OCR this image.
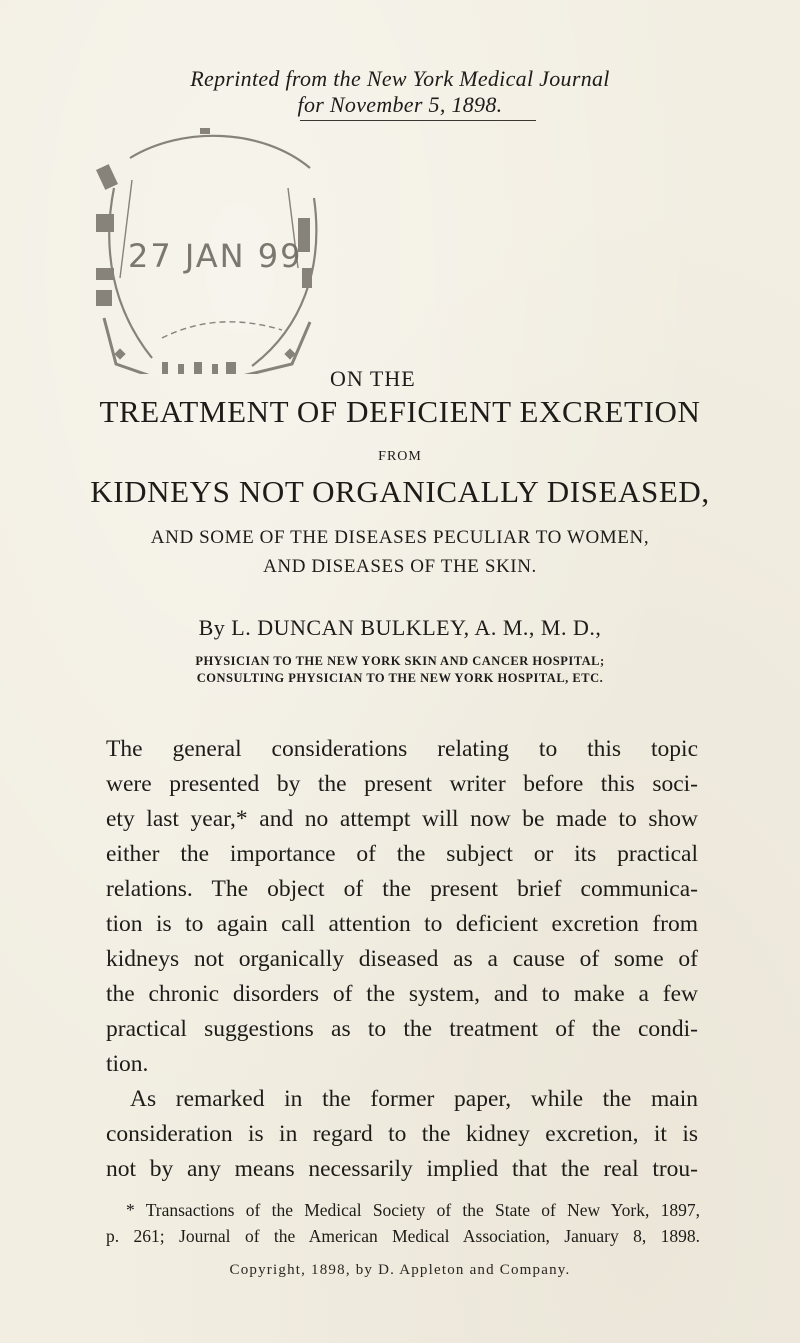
Reprinted from the New York Medical Journal
for November 5, 1898.
27 JAN 99
ON THE
TREATMENT OF DEFICIENT EXCRETION
FROM
KIDNEYS NOT ORGANICALLY DISEASED,
AND SOME OF THE DISEASES PECULIAR TO WOMEN,
AND DISEASES OF THE SKIN.
By L. DUNCAN BULKLEY, A. M., M. D.,
PHYSICIAN TO THE NEW YORK SKIN AND CANCER HOSPITAL;
CONSULTING PHYSICIAN TO THE NEW YORK HOSPITAL, ETC.
The general considerations relating to this topic
were presented by the present writer before this soci-
ety last year,* and no attempt will now be made to show
either the importance of the subject or its practical
relations. The object of the present brief communica-
tion is to again call attention to deficient excretion from
kidneys not organically diseased as a cause of some of
the chronic disorders of the system, and to make a few
practical suggestions as to the treatment of the condi-
tion.
As remarked in the former paper, while the main
consideration is in regard to the kidney excretion, it is
not by any means necessarily implied that the real trou-
* Transactions of the Medical Society of the State of New York, 1897,
p. 261; Journal of the American Medical Association, January 8, 1898.
Copyright, 1898, by D. Appleton and Company.
